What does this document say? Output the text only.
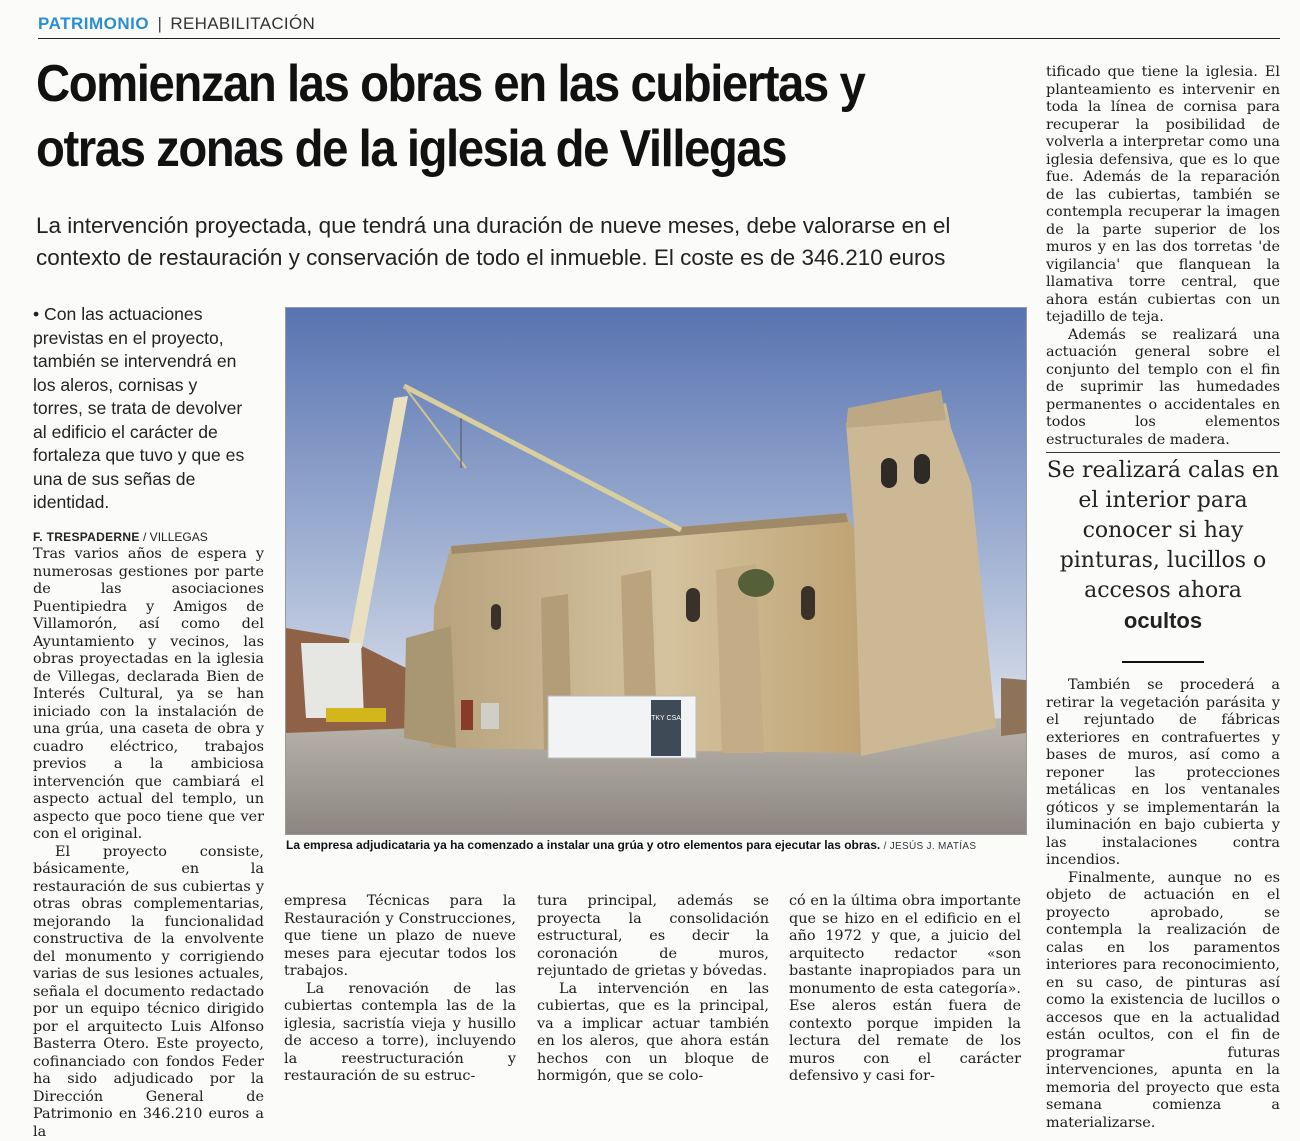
PATRIMONIO | REHABILITACIÓN
Comienzan las obras en las cubiertas y otras zonas de la iglesia de Villegas
La intervención proyectada, que tendrá una duración de nueve meses, debe valorarse en el contexto de restauración y conservación de todo el inmueble. El coste es de 346.210 euros
• Con las actuaciones previstas en el proyecto, también se intervendrá en los aleros, cornisas y torres, se trata de devolver al edificio el carácter de fortaleza que tuvo y que es una de sus señas de identidad.
F. TRESPADERNE / VILLEGAS

Tras varios años de espera y numerosas gestiones por parte de las asociaciones Puentipiedra y Amigos de Villamorón, así como del Ayuntamiento y vecinos, las obras proyectadas en la iglesia de Villegas, declarada Bien de Interés Cultural, ya se han iniciado con la instalación de una grúa, una caseta de obra y cuadro eléctrico, trabajos previos a la ambiciosa intervención que cambiará el aspecto actual del templo, un aspecto que poco tiene que ver con el original.

El proyecto consiste, básicamente, en la restauración de sus cubiertas y otras obras complementarias, mejorando la funcionalidad constructiva de la envolvente del monumento y corrigiendo varias de sus lesiones actuales, señala el documento redactado por un equipo técnico dirigido por el arquitecto Luis Alfonso Basterra Otero. Este proyecto, cofinanciado con fondos Feder ha sido adjudicado por la Dirección General de Patrimonio en 346.210 euros a la

TKY CSA
La empresa adjudicataria ya ha comenzado a instalar una grúa y otro elementos para ejecutar las obras. / JESÚS J. MATÍAS

empresa Técnicas para la Restauración y Construcciones, que tiene un plazo de nueve meses para ejecutar todos los trabajos.

La renovación de las cubiertas contempla las de la iglesia, sacristía vieja y husillo de acceso a torre), incluyendo la reestructuración y restauración de su estruc-

tura principal, además se proyecta la consolidación estructural, es decir la coronación de muros, rejuntado de grietas y bóvedas.

La intervención en las cubiertas, que es la principal, va a implicar actuar también en los aleros, que ahora están hechos con un bloque de hormigón, que se colo-

có en la última obra importante que se hizo en el edificio en el año 1972 y que, a juicio del arquitecto redactor «son bastante inapropiados para un monumento de esta categoría». Ese aleros están fuera de contexto porque impiden la lectura del remate de los muros con el carácter defensivo y casi for-

tificado que tiene la iglesia. El planteamiento es intervenir en toda la línea de cornisa para recuperar la posibilidad de volverla a interpretar como una iglesia defensiva, que es lo que fue. Además de la reparación de las cubiertas, también se contempla recuperar la imagen de la parte superior de los muros y en las dos torretas 'de vigilancia' que flanquean la llamativa torre central, que ahora están cubiertas con un tejadillo de teja.

Además se realizará una actuación general sobre el conjunto del templo con el fin de suprimir las humedades permanentes o accidentales en todos los elementos estructurales de madera.

Se realizará calas en el interior para conocer si hay pinturas, lucillos o accesos ahora
ocultos

También se procederá a retirar la vegetación parásita y el rejuntado de fábricas exteriores en contrafuertes y bases de muros, así como a reponer las protecciones metálicas en los ventanales góticos y se implementarán la iluminación en bajo cubierta y las instalaciones contra incendios.

Finalmente, aunque no es objeto de actuación en el proyecto aprobado, se contempla la realización de calas en los paramentos interiores para reconocimiento, en su caso, de pinturas así como la existencia de lucillos o accesos que en la actualidad están ocultos, con el fin de programar futuras intervenciones, apunta en la memoria del proyecto que esta semana comienza a materializarse.
